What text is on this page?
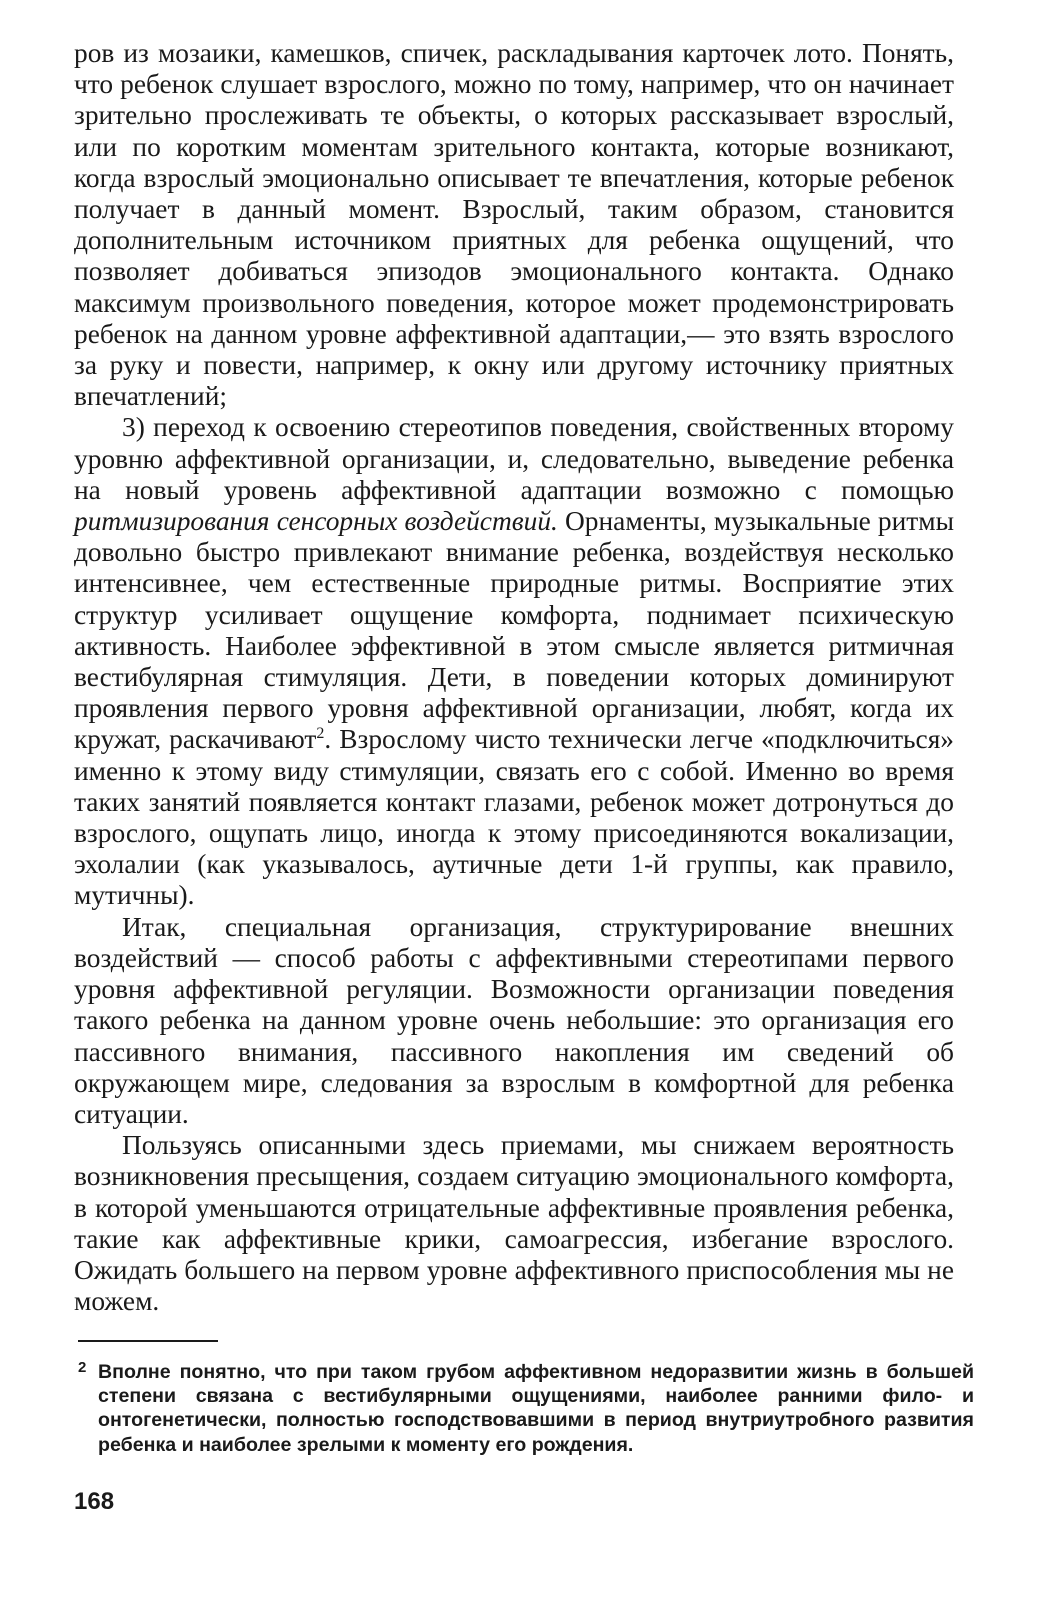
ров из мозаики, камешков, спичек, раскладывания карточек лото. Понять, что ребенок слушает взрослого, можно по тому, например, что он начинает зрительно прослеживать те объекты, о которых рассказывает взрослый, или по коротким моментам зрительного контакта, которые возникают, когда взрослый эмоционально описывает те впечатления, которые ребенок получает в данный момент. Взрослый, таким образом, становится дополнительным источником приятных для ребенка ощущений, что позволяет добиваться эпизодов эмоционального контакта. Однако максимум произвольного поведения, которое может продемонстрировать ребенок на данном уровне аффективной адаптации,— это взять взрослого за руку и повести, например, к окну или другому источнику приятных впечатлений;

3) переход к освоению стереотипов поведения, свойственных второму уровню аффективной организации, и, следовательно, выведение ребенка на новый уровень аффективной адаптации возможно с помощью ритмизирования сенсорных воздействий. Орнаменты, музыкальные ритмы довольно быстро привлекают внимание ребенка, воздействуя несколько интенсивнее, чем естественные природные ритмы. Восприятие этих структур усиливает ощущение комфорта, поднимает психическую активность. Наиболее эффективной в этом смысле является ритмичная вестибулярная стимуляция. Дети, в поведении которых доминируют проявления первого уровня аффективной организации, любят, когда их кружат, раскачивают$^2$. Взрослому чисто технически легче «подключиться» именно к этому виду стимуляции, связать его с собой. Именно во время таких занятий появляется контакт глазами, ребенок может дотронуться до взрослого, ощупать лицо, иногда к этому присоединяются вокализации, эхолалии (как указывалось, аутичные дети 1-й группы, как правило, мутичны).

Итак, специальная организация, структурирование внешних воздействий — способ работы с аффективными стереотипами первого уровня аффективной регуляции. Возможности организации поведения такого ребенка на данном уровне очень небольшие: это организация его пассивного внимания, пассивного накопления им сведений об окружающем мире, следования за взрослым в комфортной для ребенка ситуации.

Пользуясь описанными здесь приемами, мы снижаем вероятность возникновения пресыщения, создаем ситуацию эмоционального комфорта, в которой уменьшаются отрицательные аффективные проявления ребенка, такие как аффективные крики, самоагрессия, избегание взрослого. Ожидать большего на первом уровне аффективного приспособления мы не можем.

2 Вполне понятно, что при таком грубом аффективном недоразвитии жизнь в большей степени связана с вестибулярными ощущениями, наиболее ранними фило- и онтогенетически, полностью господствовавшими в период внутриутробного развития ребенка и наиболее зрелыми к моменту его рождения.

168
